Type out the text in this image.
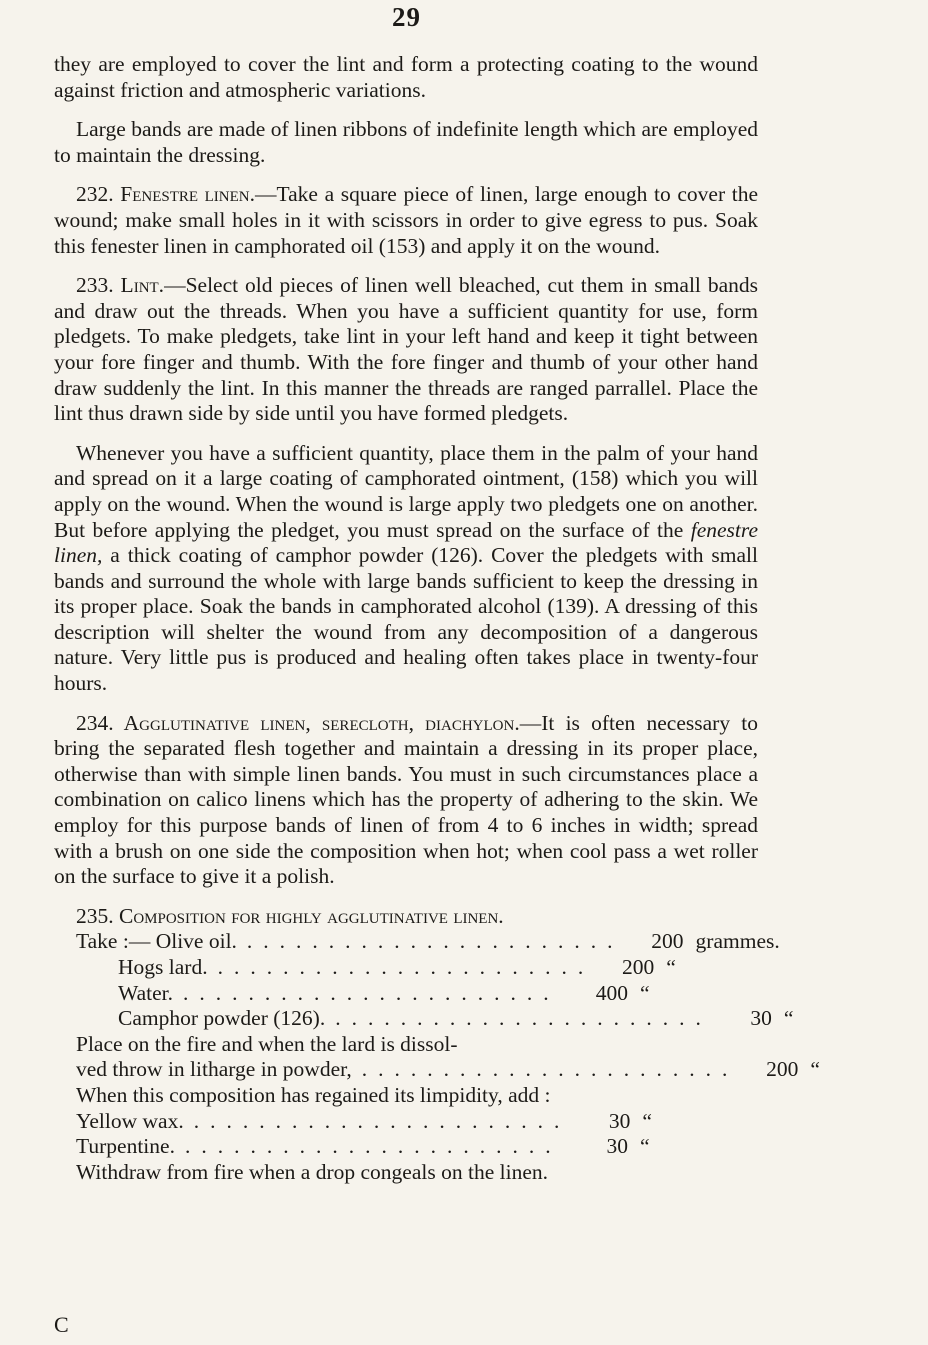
29

they are employed to cover the lint and form a protecting coating to the wound against friction and atmospheric variations.

Large bands are made of linen ribbons of indefinite length which are employed to maintain the dressing.

232. Fenestre linen.—Take a square piece of linen, large enough to cover the wound; make small holes in it with scissors in order to give egress to pus. Soak this fenester linen in camphorated oil (153) and apply it on the wound.

233. Lint.—Select old pieces of linen well bleached, cut them in small bands and draw out the threads. When you have a sufficient quantity for use, form pledgets. To make pledgets, take lint in your left hand and keep it tight between your fore finger and thumb. With the fore finger and thumb of your other hand draw suddenly the lint. In this manner the threads are ranged parrallel. Place the lint thus drawn side by side until you have formed pledgets.

Whenever you have a sufficient quantity, place them in the palm of your hand and spread on it a large coating of camphorated ointment, (158) which you will apply on the wound. When the wound is large apply two pledgets one on another. But before applying the pledget, you must spread on the surface of the fenestre linen, a thick coating of camphor powder (126). Cover the pledgets with small bands and surround the whole with large bands sufficient to keep the dressing in its proper place. Soak the bands in camphorated alcohol (139). A dressing of this description will shelter the wound from any decomposition of a dangerous nature. Very little pus is produced and healing often takes place in twenty-four hours.

234. Agglutinative linen, serecloth, diachylon.—It is often necessary to bring the separated flesh together and maintain a dressing in its proper place, otherwise than with simple linen bands. You must in such circumstances place a combination on calico linens which has the property of adhering to the skin. We employ for this purpose bands of linen of from 4 to 6 inches in width; spread with a brush on one side the composition when hot; when cool pass a wet roller on the surface to give it a polish.

235. Composition for highly agglutinative linen.
Take :— Olive oil. .......................	200 grammes.
Hogs lard. .......................	200 “
Water. .......................	400 “
Camphor powder (126). .......................	30 “
Place on the fire and when the lard is dissol-
ved throw in litharge in powder, .......................	200 “
When this composition has regained its limpidity, add :
Yellow wax. .......................	30 “
Turpentine. .......................	30 “
Withdraw from fire when a drop congeals on the linen.
C
